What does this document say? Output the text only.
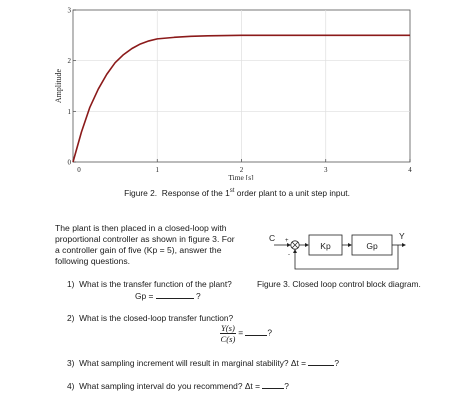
0
1
2
3
0	1	2	3	4
Amplitude
Time [s]
Figure 2.  Response of the 1st order plant to a unit step input.
The plant is then placed in a closed-loop with
proportional controller as shown in figure 3. For
a controller gain of five (Kp = 5), answer the
following questions.
C +
-
Y
Kp	Gp
Figure 3. Closed loop control block diagram.
1) What is the transfer function of the plant?
Gp =	?
2) What is the closed-loop transfer function?
$\frac{Y(s)}{C(s)}$ =	?
3) What sampling increment will result in marginal stability? Δt =	?
4) What sampling interval do you recommend? Δt =	?
